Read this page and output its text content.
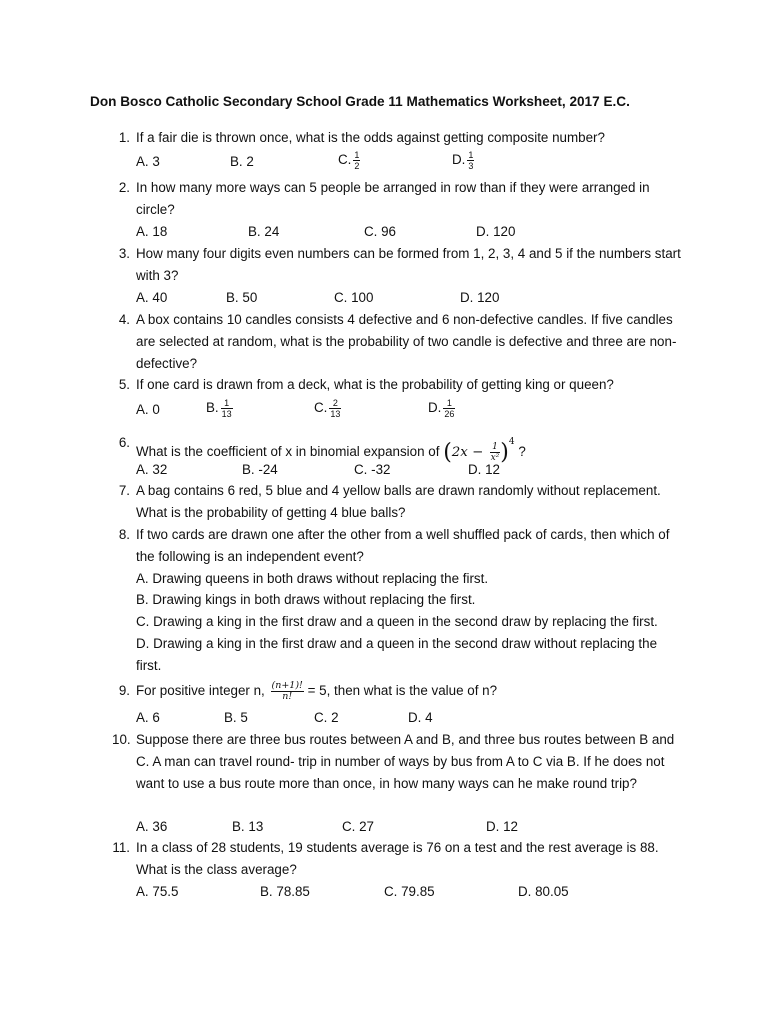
Don Bosco Catholic Secondary School Grade 11 Mathematics Worksheet, 2017 E.C.
1. If a fair die is thrown once, what is the odds against getting composite number?
A. 3	B. 2	C. $\frac{1}{2}$	D. $\frac{1}{3}$
2. In how many more ways can 5 people be arranged in row than if they were arranged in circle?
A. 18	B. 24	C. 96	D. 120
3. How many four digits even numbers can be formed from 1, 2, 3, 4 and 5 if the numbers start with 3?
A. 40	B. 50	C. 100	D. 120
4. A box contains 10 candles consists 4 defective and 6 non-defective candles. If five candles are selected at random, what is the probability of two candle is defective and three are non-defective?
5. If one card is drawn from a deck, what is the probability of getting king or queen?
A. 0	B. $\frac{1}{13}$	C. $\frac{2}{13}$	D. $\frac{1}{26}$
6.
What is the coefficient of x in binomial expansion of $(2x - \frac{1}{\text{x²}} )^4$ ?
A. 32	B. -24	C. -32	D. 12
7. A bag contains 6 red, 5 blue and 4 yellow balls are drawn randomly without replacement. What is the probability of getting 4 blue balls?
8. If two cards are drawn one after the other from a well shuffled pack of cards, then which of the following is an independent event?
A. Drawing queens in both draws without replacing the first.
B. Drawing kings in both draws without replacing the first.
C. Drawing a king in the first draw and a queen in the second draw by replacing the first.
D. Drawing a king in the first draw and a queen in the second draw without replacing the first.
9. For positive integer n, $\frac{(n+1)!}{n!} = 5$, then what is the value of n?
A. 6	B. 5	C. 2	D. 4
10. Suppose there are three bus routes between A and B, and three bus routes between B and C. A man can travel round- trip in number of ways by bus from A to C via B. If he does not want to use a bus route more than once, in how many ways can he make round trip?
A. 36	B. 13	C. 27	D. 12
11. In a class of 28 students, 19 students average is 76 on a test and the rest average is 88. What is the class average?
A. 75.5	B. 78.85	C. 79.85	D. 80.05
